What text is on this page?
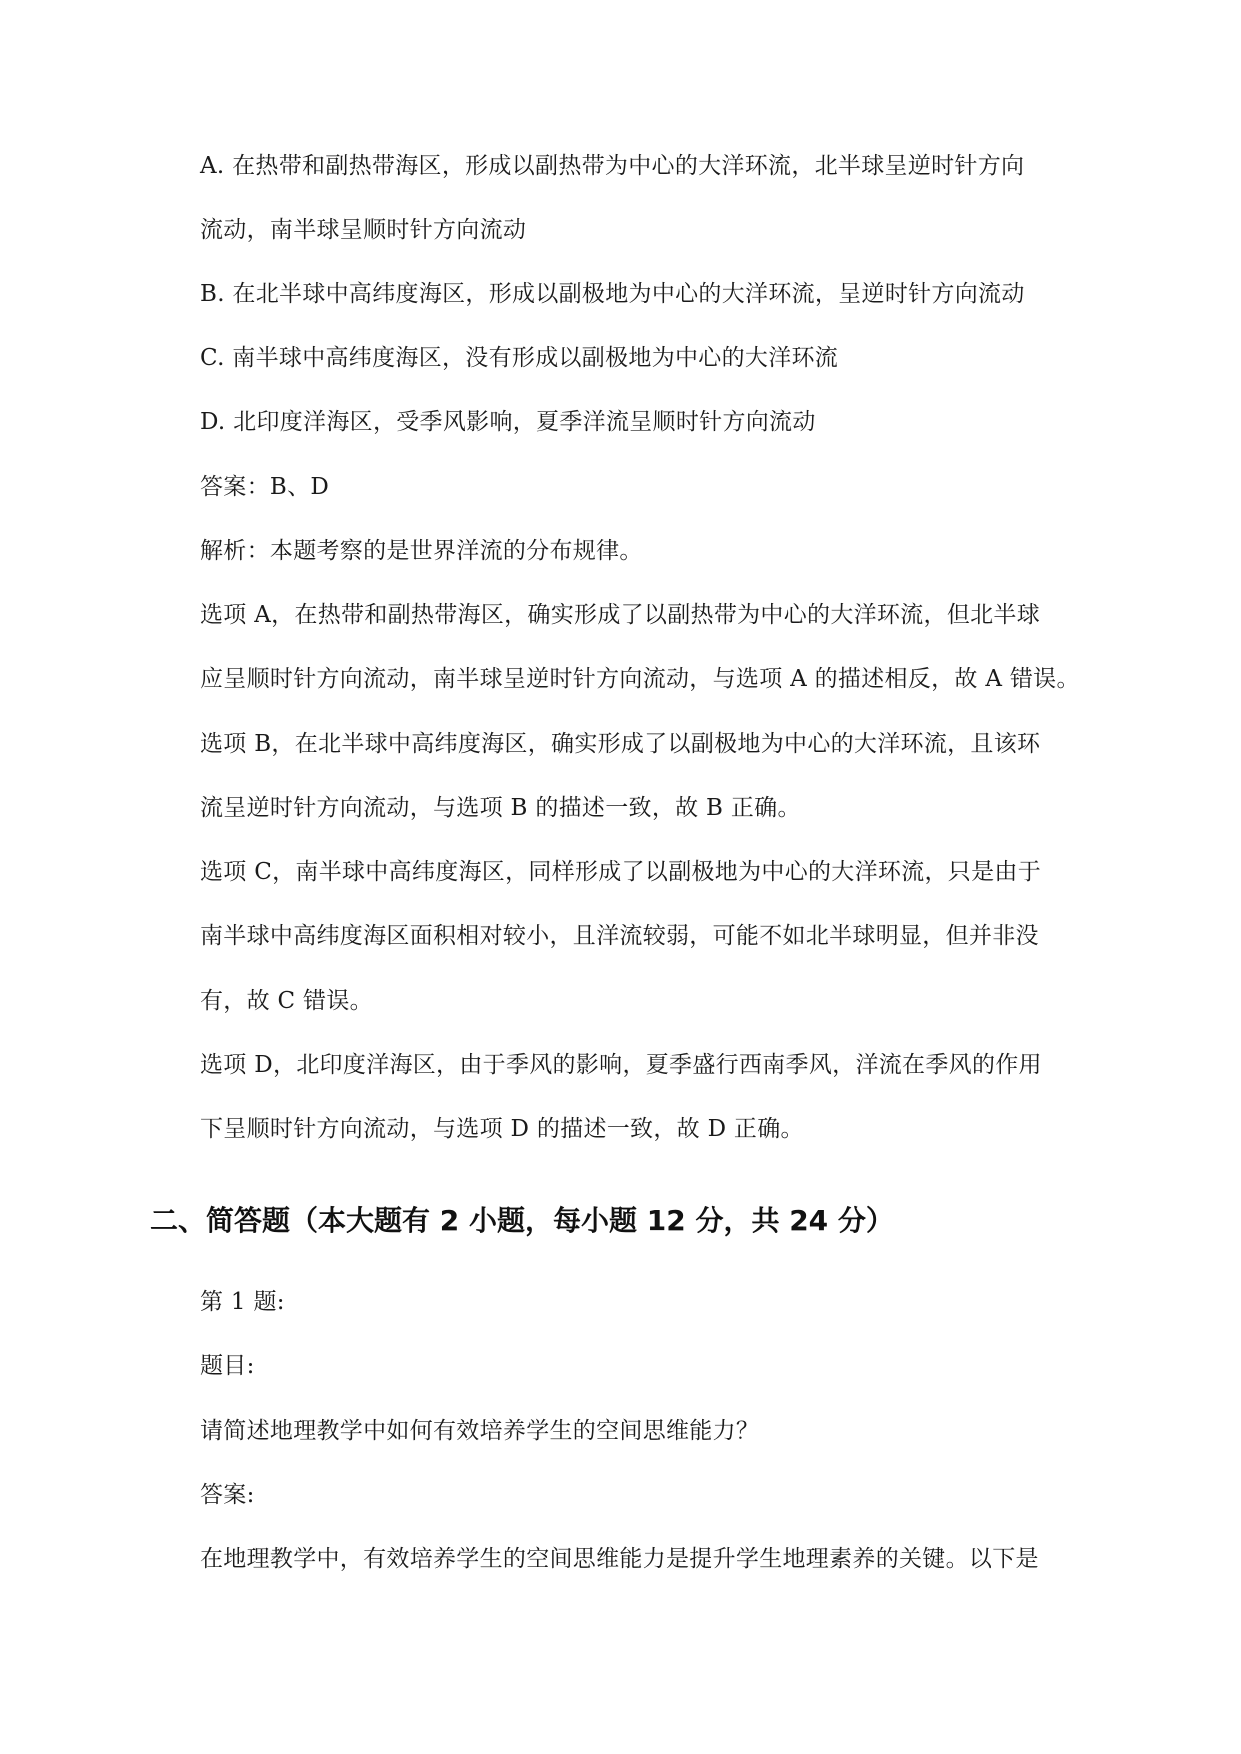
A. 在热带和副热带海区，形成以副热带为中心的大洋环流，北半球呈逆时针方向
流动，南半球呈顺时针方向流动
B. 在北半球中高纬度海区，形成以副极地为中心的大洋环流，呈逆时针方向流动
C. 南半球中高纬度海区，没有形成以副极地为中心的大洋环流
D. 北印度洋海区，受季风影响，夏季洋流呈顺时针方向流动
答案：B、D
解析：本题考察的是世界洋流的分布规律。
选项 A，在热带和副热带海区，确实形成了以副热带为中心的大洋环流，但北半球
应呈顺时针方向流动，南半球呈逆时针方向流动，与选项 A 的描述相反，故 A 错误。
选项 B，在北半球中高纬度海区，确实形成了以副极地为中心的大洋环流，且该环
流呈逆时针方向流动，与选项 B 的描述一致，故 B 正确。
选项 C，南半球中高纬度海区，同样形成了以副极地为中心的大洋环流，只是由于
南半球中高纬度海区面积相对较小，且洋流较弱，可能不如北半球明显，但并非没
有，故 C 错误。
选项 D，北印度洋海区，由于季风的影响，夏季盛行西南季风，洋流在季风的作用
下呈顺时针方向流动，与选项 D 的描述一致，故 D 正确。
二、简答题（本大题有 2 小题，每小题 12 分，共 24 分）
第 1 题:
题目:
请简述地理教学中如何有效培养学生的空间思维能力？
答案:
在地理教学中，有效培养学生的空间思维能力是提升学生地理素养的关键。以下是
